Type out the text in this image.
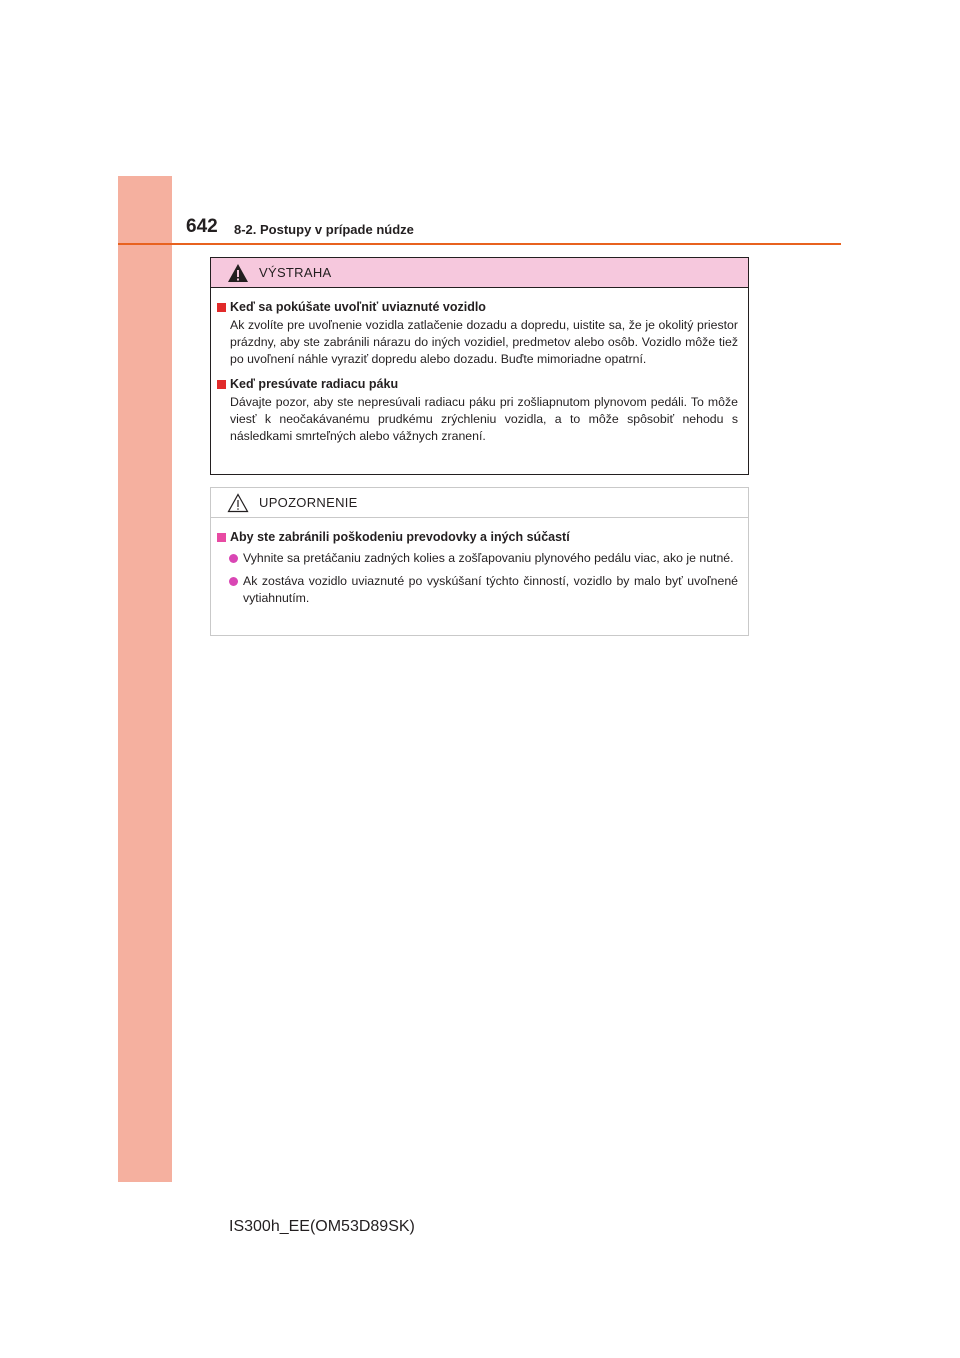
642 8-2. Postupy v prípade núdze
VÝSTRAHA
Keď sa pokúšate uvoľniť uviaznuté vozidlo
Ak zvolíte pre uvoľnenie vozidla zatlačenie dozadu a dopredu, uistite sa, že je okolitý priestor prázdny, aby ste zabránili nárazu do iných vozidiel, predmetov alebo osôb. Vozidlo môže tiež po uvoľnení náhle vyraziť dopredu alebo dozadu. Buďte mimoriadne opatrní.
Keď presúvate radiacu páku
Dávajte pozor, aby ste nepresúvali radiacu páku pri zošliapnutom plynovom pedáli. To môže viesť k neočakávanému prudkému zrýchleniu vozidla, a to môže spôsobiť nehodu s následkami smrteľných alebo vážnych zranení.
UPOZORNENIE
Aby ste zabránili poškodeniu prevodovky a iných súčastí
Vyhnite sa pretáčaniu zadných kolies a zošľapovaniu plynového pedálu viac, ako je nutné.
Ak zostáva vozidlo uviaznuté po vyskúšaní týchto činností, vozidlo by malo byť uvoľnené vytiahnutím.
IS300h_EE(OM53D89SK)
